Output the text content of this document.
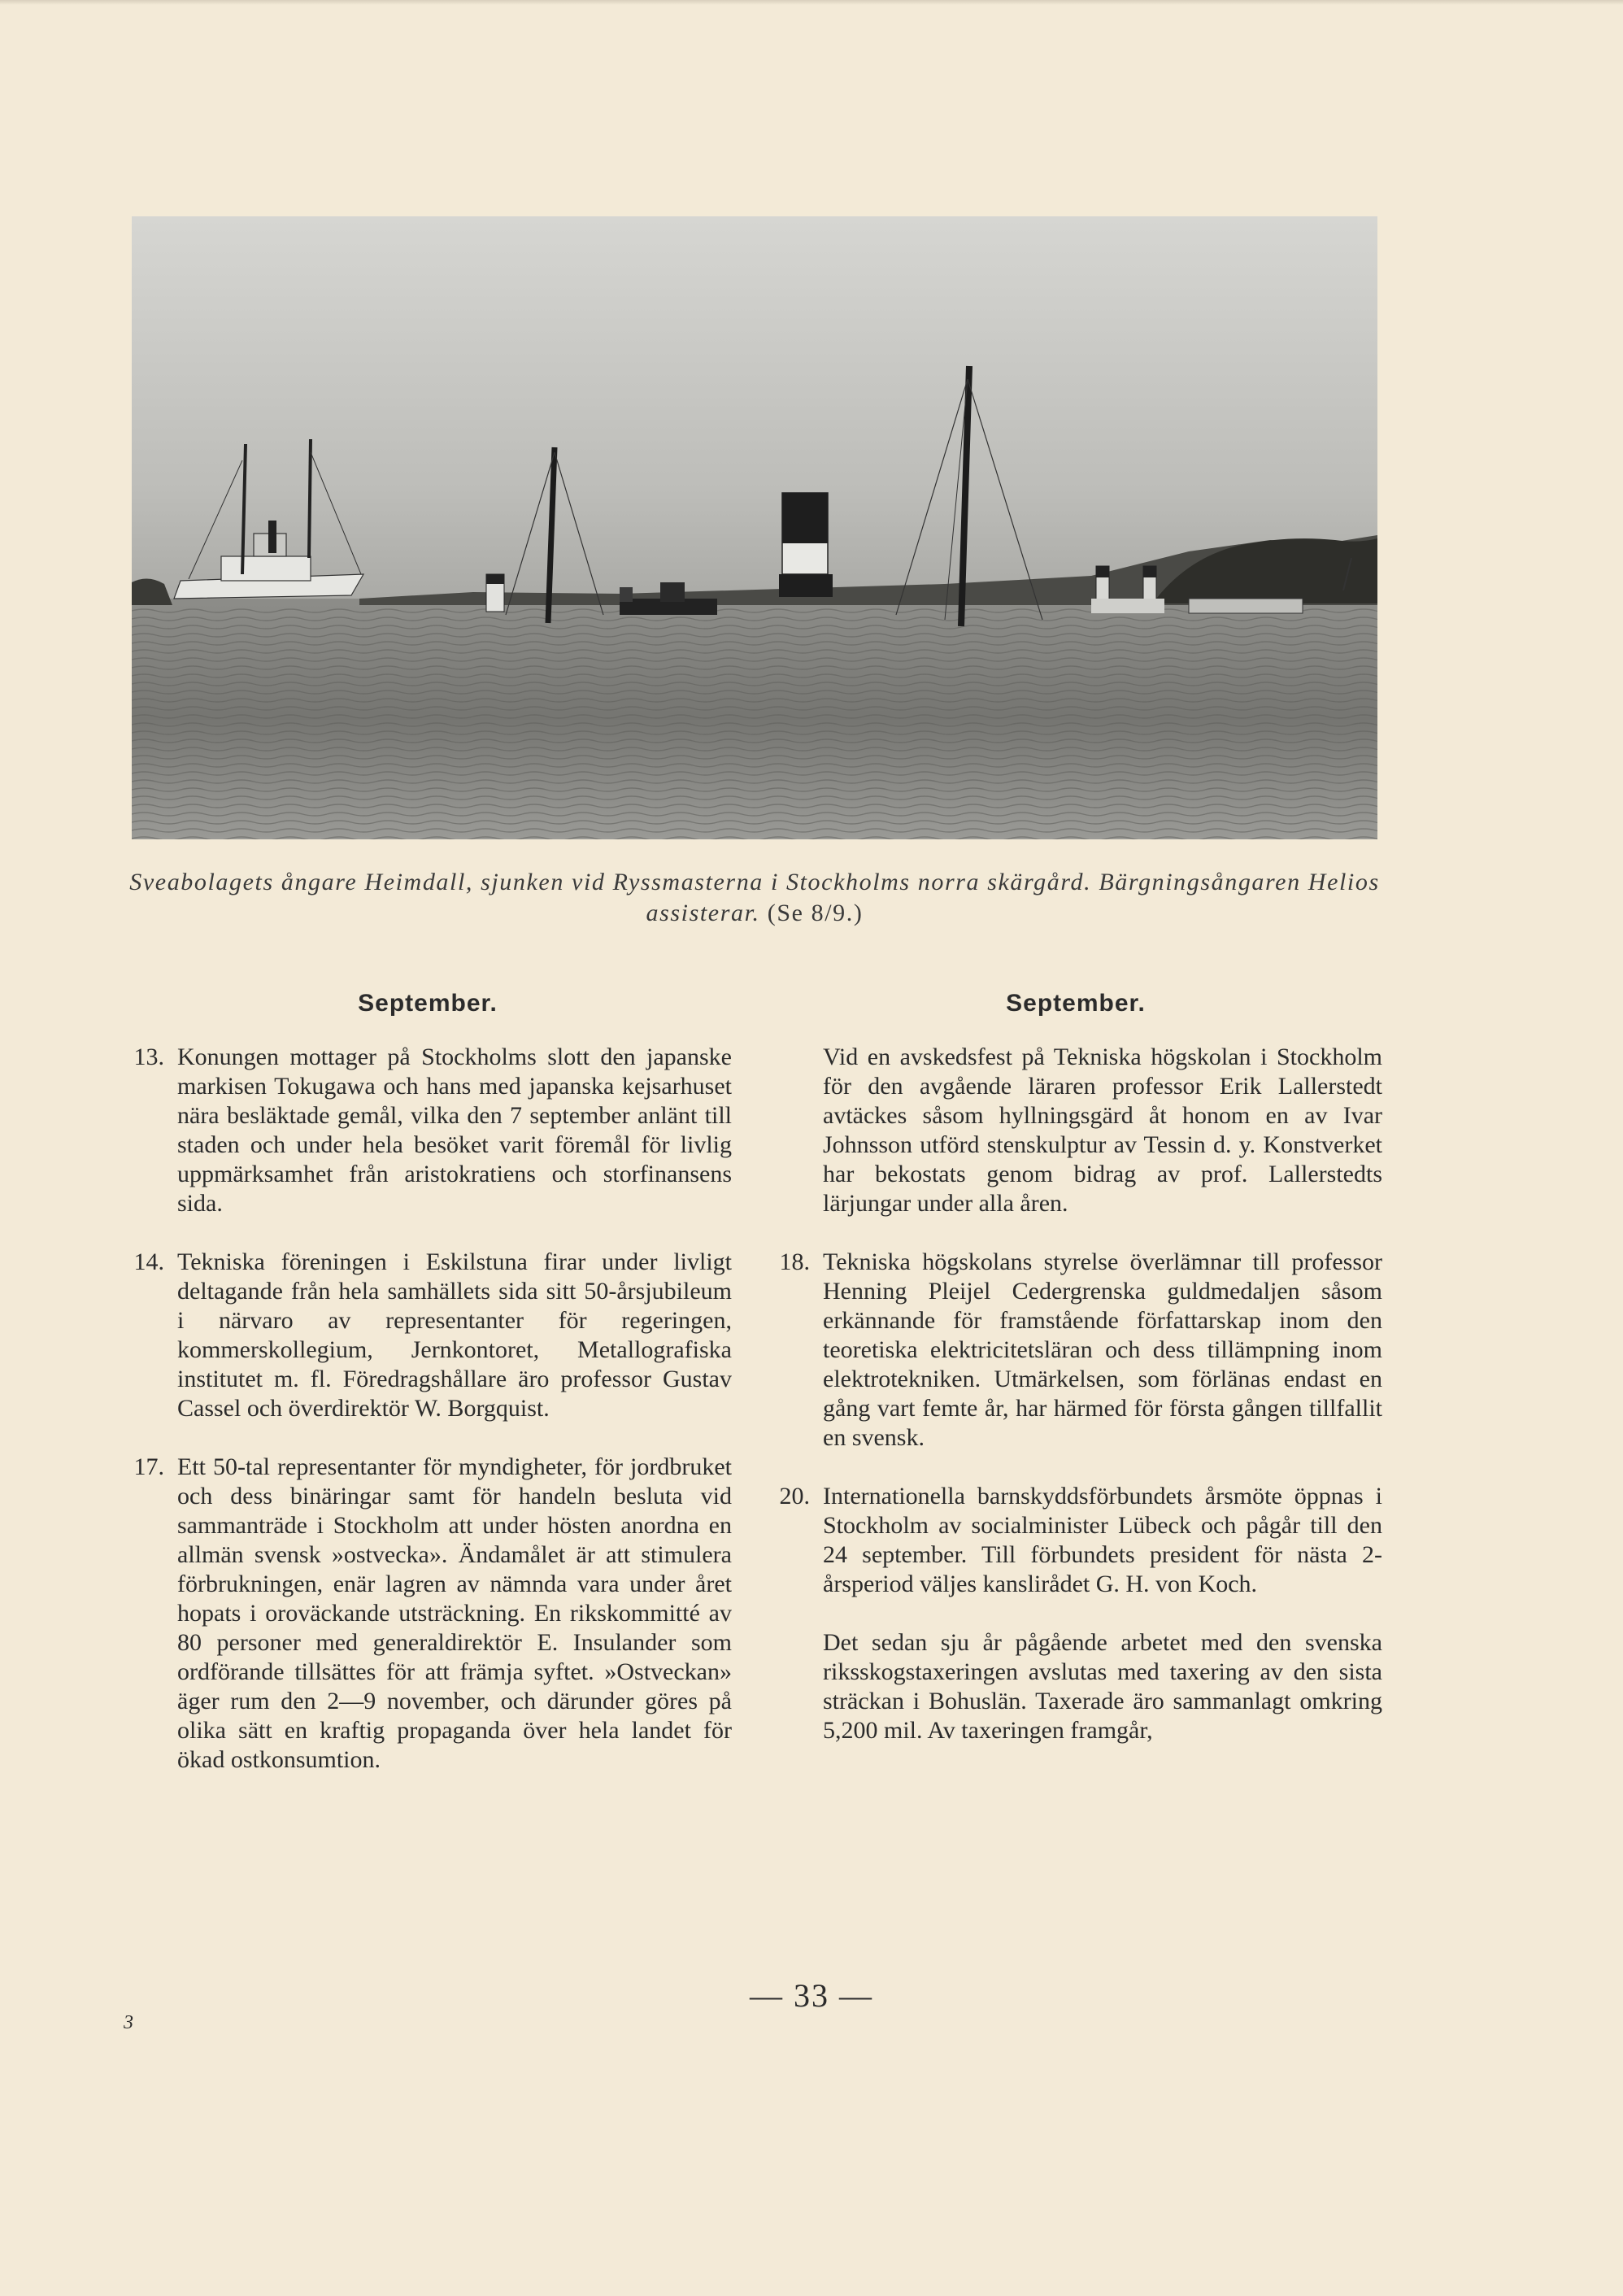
Sveabolagets ångare Heimdall, sjunken vid Ryssmasterna i Stockholms norra skärgård. Bärgningsångaren Helios assisterar. (Se 8/9.)
September.
13. Konungen mottager på Stockholms slott den japanske markisen Tokugawa och hans med japanska kejsarhuset nära besläktade gemål, vilka den 7 september anlänt till staden och under hela besöket varit föremål för livlig uppmärksamhet från aristokratiens och storfinansens sida.

14. Tekniska föreningen i Eskilstuna firar under livligt deltagande från hela samhällets sida sitt 50-årsjubileum i närvaro av representanter för regeringen, kommerskollegium, Jernkontoret, Metallografiska institutet m. fl. Föredragshållare äro professor Gustav Cassel och överdirektör W. Borgquist.

17. Ett 50-tal representanter för myndigheter, för jordbruket och dess binäringar samt för handeln besluta vid sammanträde i Stockholm att under hösten anordna en allmän svensk »ostvecka». Ändamålet är att stimulera förbrukningen, enär lagren av nämnda vara under året hopats i oroväckande utsträckning. En rikskommitté av 80 personer med generaldirektör E. Insulander som ordförande tillsättes för att främja syftet. »Ostveckan» äger rum den 2—9 november, och därunder göres på olika sätt en kraftig propaganda över hela landet för ökad ostkonsumtion.

September.

Vid en avskedsfest på Tekniska högskolan i Stockholm för den avgående läraren professor Erik Lallerstedt avtäckes såsom hyllningsgärd åt honom en av Ivar Johnsson utförd stenskulptur av Tessin d. y. Konstverket har bekostats genom bidrag av prof. Lallerstedts lärjungar under alla åren.

18. Tekniska högskolans styrelse överlämnar till professor Henning Pleijel Cedergrenska guldmedaljen såsom erkännande för framstående författarskap inom den teoretiska elektricitetsläran och dess tillämpning inom elektrotekniken. Utmärkelsen, som förlänas endast en gång vart femte år, har härmed för första gången tillfallit en svensk.

20. Internationella barnskyddsförbundets årsmöte öppnas i Stockholm av socialminister Lübeck och pågår till den 24 september. Till förbundets president för nästa 2-årsperiod väljes kanslirådet G. H. von Koch.

Det sedan sju år pågående arbetet med den svenska riksskogstaxeringen avslutas med taxering av den sista sträckan i Bohuslän. Taxerade äro sammanlagt omkring 5,200 mil. Av taxeringen framgår,

— 33 —
3
